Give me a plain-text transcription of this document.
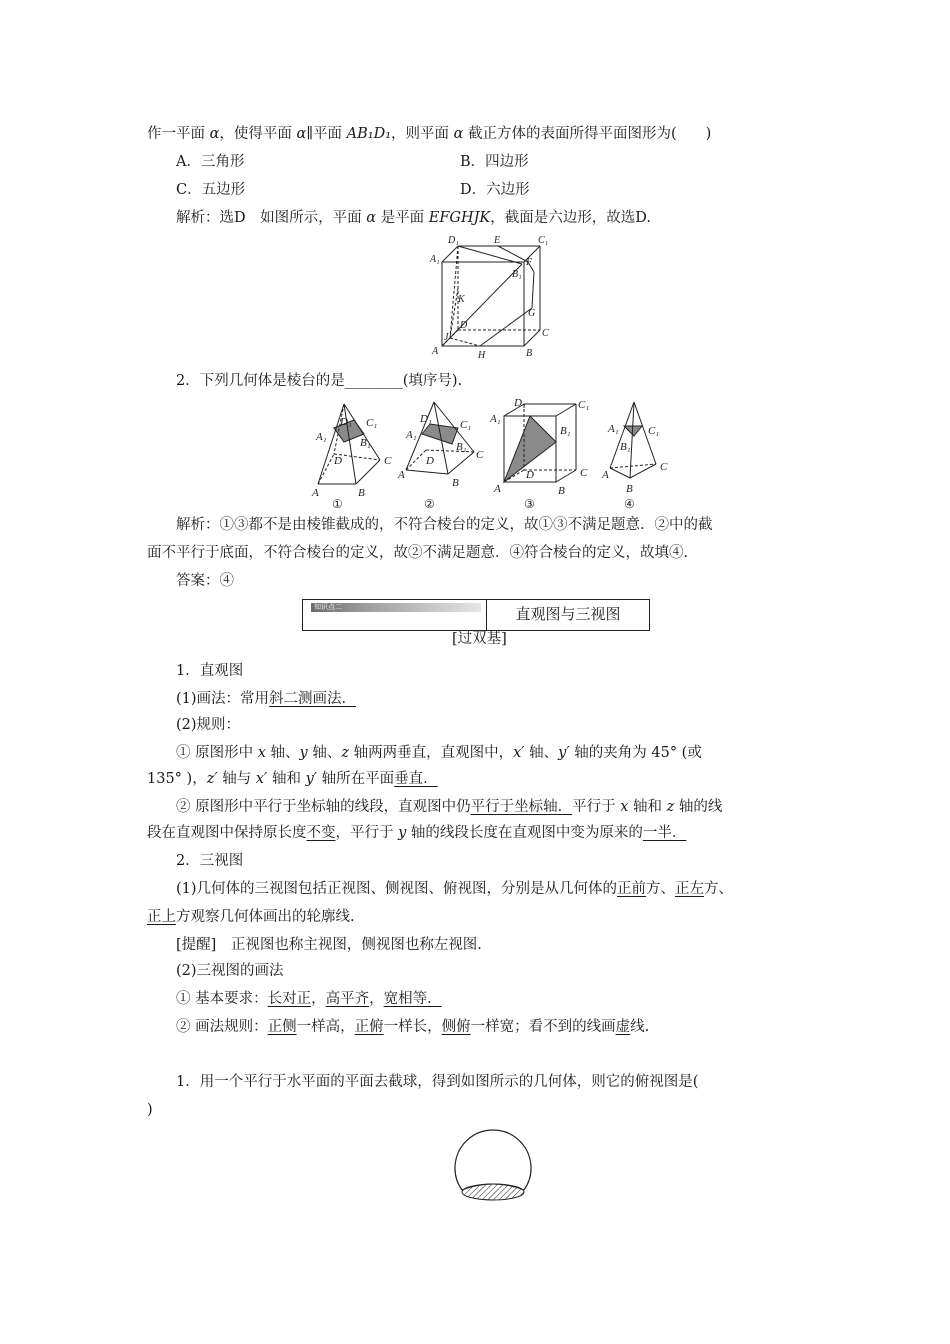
作一平面 α，使得平面 α∥平面 AB₁D₁，则平面 α 截正方体的表面所得平面图形为(　　)
A．三角形	B．四边形
C．五边形	D．六边形
解析：选D　如图所示，平面 α 是平面 EFGHJK，截面是六边形，故选D.
D₁	E	C₁
A₁	F
B₁
K
D
G
J	C
A	H	B
2．下列几何体是棱台的是________(填序号).
D₁ C₁
A₁	B₁
D	C
A	B
D₁	C₁
A₁
B₁
D	C
A
B
D₁	C₁
A₁
B₁
D	C
A	B
A₁	C₁
B₁
A
C
B
①	②	③	④
解析：①③都不是由棱锥截成的，不符合棱台的定义，故①③不满足题意．②中的截
面不平行于底面，不符合棱台的定义，故②不满足题意．④符合棱台的定义，故填④.
答案：④
知识点二	直观图与三视图
[过双基]
1．直观图
(1)画法：常用斜二测画法．
(2)规则：
① 原图形中 x 轴、y 轴、z 轴两两垂直，直观图中，x′ 轴、y′ 轴的夹角为 45° (或
135° )，z′ 轴与 x′ 轴和 y′ 轴所在平面垂直．
② 原图形中平行于坐标轴的线段，直观图中仍平行于坐标轴．平行于 x 轴和 z 轴的线
段在直观图中保持原长度不变，平行于 y 轴的线段长度在直观图中变为原来的一半．
2．三视图
(1)几何体的三视图包括正视图、侧视图、俯视图，分别是从几何体的正前方、正左方、
正上方观察几何体画出的轮廓线.
[提醒]　正视图也称主视图，侧视图也称左视图.
(2)三视图的画法
① 基本要求：长对正，高平齐，宽相等．
② 画法规则：正侧一样高，正俯一样长，侧俯一样宽；看不到的线画虚线.
1．用一个平行于水平面的平面去截球，得到如图所示的几何体，则它的俯视图是(
)
